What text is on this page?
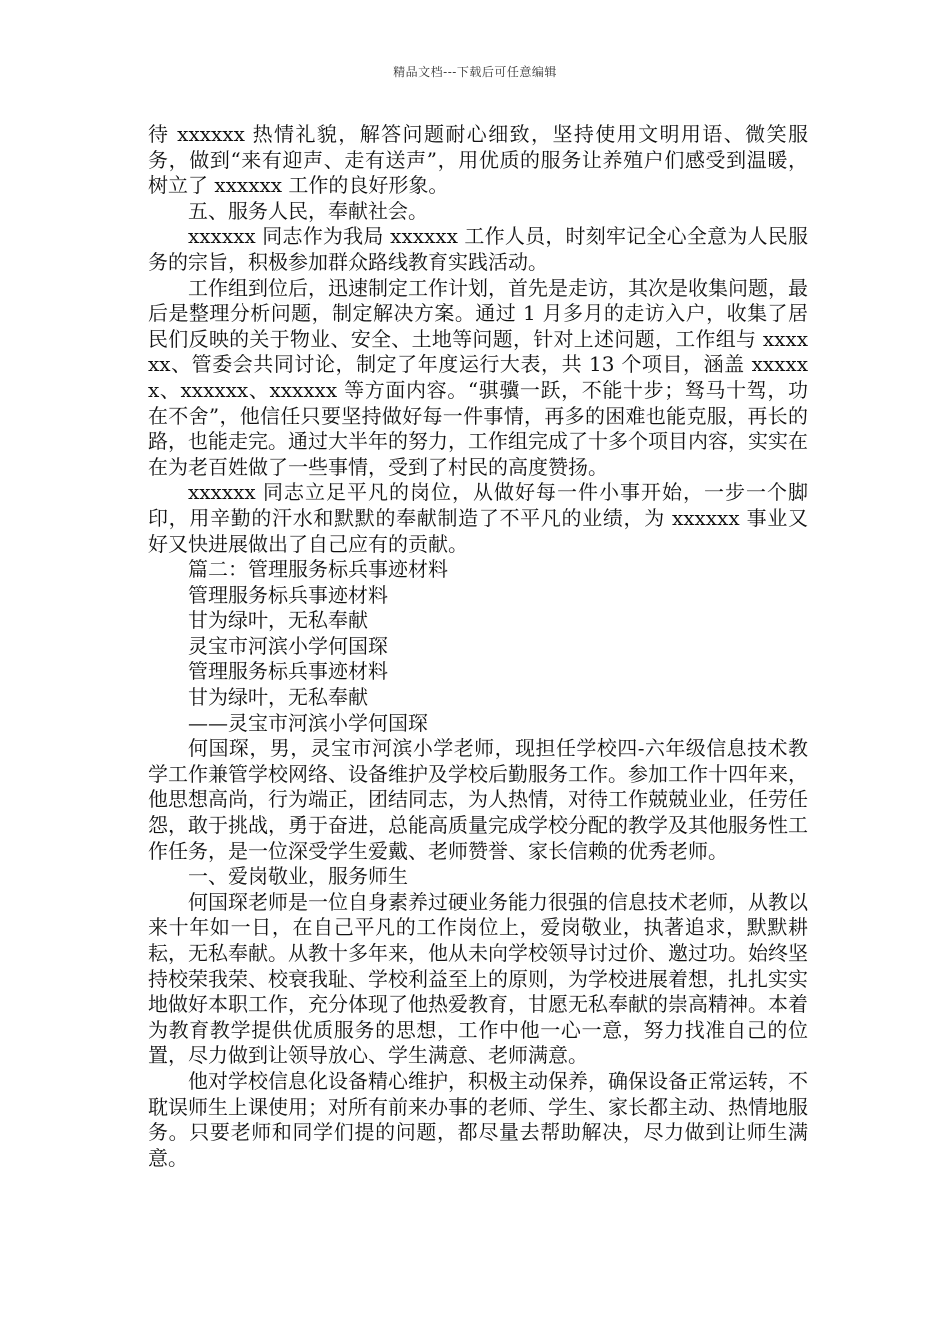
精品文档---下载后可任意编辑

待 xxxxxx 热情礼貌，解答问题耐心细致，坚持使用文明用语、微笑服务，做到“来有迎声、走有送声”，用优质的服务让养殖户们感受到温暖，树立了 xxxxxx 工作的良好形象。

五、服务人民，奉献社会。

xxxxxx 同志作为我局 xxxxxx 工作人员，时刻牢记全心全意为人民服务的宗旨，积极参加群众路线教育实践活动。

工作组到位后，迅速制定工作计划，首先是走访，其次是收集问题，最后是整理分析问题，制定解决方案。通过 1 月多月的走访入户，收集了居民们反映的关于物业、安全、土地等问题，针对上述问题，工作组与 xxxxxx、管委会共同讨论，制定了年度运行大表，共 13 个项目，涵盖 xxxxxx、xxxxxx、xxxxxx 等方面内容。“骐骥一跃，不能十步；驽马十驾，功在不舍”，他信任只要坚持做好每一件事情，再多的困难也能克服，再长的路，也能走完。通过大半年的努力，工作组完成了十多个项目内容，实实在在为老百姓做了一些事情，受到了村民的高度赞扬。

xxxxxx 同志立足平凡的岗位，从做好每一件小事开始，一步一个脚印，用辛勤的汗水和默默的奉献制造了不平凡的业绩，为 xxxxxx 事业又好又快进展做出了自己应有的贡献。

篇二：管理服务标兵事迹材料

管理服务标兵事迹材料

甘为绿叶，无私奉献

灵宝市河滨小学何国琛

管理服务标兵事迹材料

甘为绿叶，无私奉献

——灵宝市河滨小学何国琛

何国琛，男，灵宝市河滨小学老师，现担任学校四-六年级信息技术教学工作兼管学校网络、设备维护及学校后勤服务工作。参加工作十四年来，他思想高尚，行为端正，团结同志，为人热情，对待工作兢兢业业，任劳任怨，敢于挑战，勇于奋进，总能高质量完成学校分配的教学及其他服务性工作任务，是一位深受学生爱戴、老师赞誉、家长信赖的优秀老师。

一、爱岗敬业，服务师生

何国琛老师是一位自身素养过硬业务能力很强的信息技术老师，从教以来十年如一日，在自己平凡的工作岗位上，爱岗敬业，执著追求，默默耕耘，无私奉献。从教十多年来，他从未向学校领导讨过价、邀过功。始终坚持校荣我荣、校衰我耻、学校利益至上的原则，为学校进展着想，扎扎实实地做好本职工作，充分体现了他热爱教育，甘愿无私奉献的崇高精神。本着为教育教学提供优质服务的思想，工作中他一心一意，努力找准自己的位置，尽力做到让领导放心、学生满意、老师满意。

他对学校信息化设备精心维护，积极主动保养，确保设备正常运转，不耽误师生上课使用；对所有前来办事的老师、学生、家长都主动、热情地服务。只要老师和同学们提的问题，都尽量去帮助解决，尽力做到让师生满意。
